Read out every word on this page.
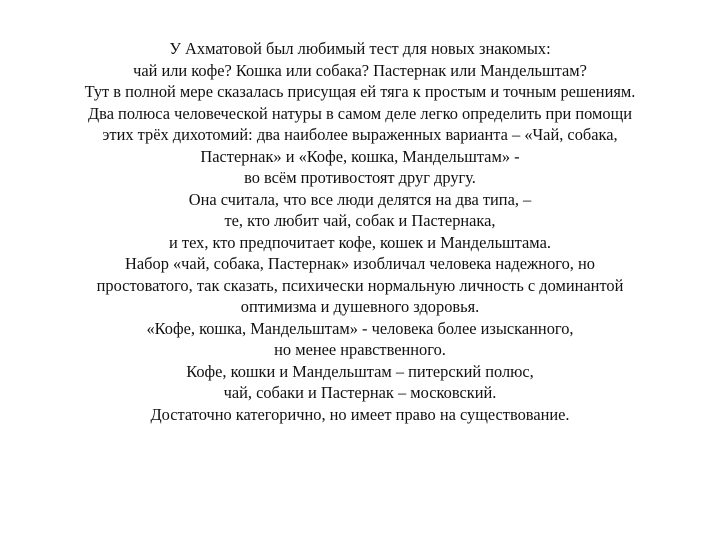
У Ахматовой был любимый тест для новых знакомых:
чай или кофе? Кошка или собака? Пастернак или Мандельштам?
Тут в полной мере сказалась присущая ей тяга к простым и точным решениям.
Два полюса человеческой натуры в самом деле легко определить при помощи
этих трёх дихотомий: два наиболее выраженных варианта – «Чай, собака,
Пастернак» и «Кофе, кошка, Мандельштам» -
во всём противостоят друг другу.
Она считала, что все люди делятся на два типа, –
те, кто любит чай, собак и Пастернака,
и тех, кто предпочитает кофе, кошек и Мандельштама.
Набор «чай, собака, Пастернак» изобличал человека надежного, но
простоватого, так сказать, психически нормальную личность с доминантой
оптимизма и душевного здоровья.
«Кофе, кошка, Мандельштам» - человека более изысканного,
но менее нравственного.
Кофе, кошки и Мандельштам – питерский полюс,
чай, собаки и Пастернак – московский.
Достаточно категорично, но имеет право на существование.
